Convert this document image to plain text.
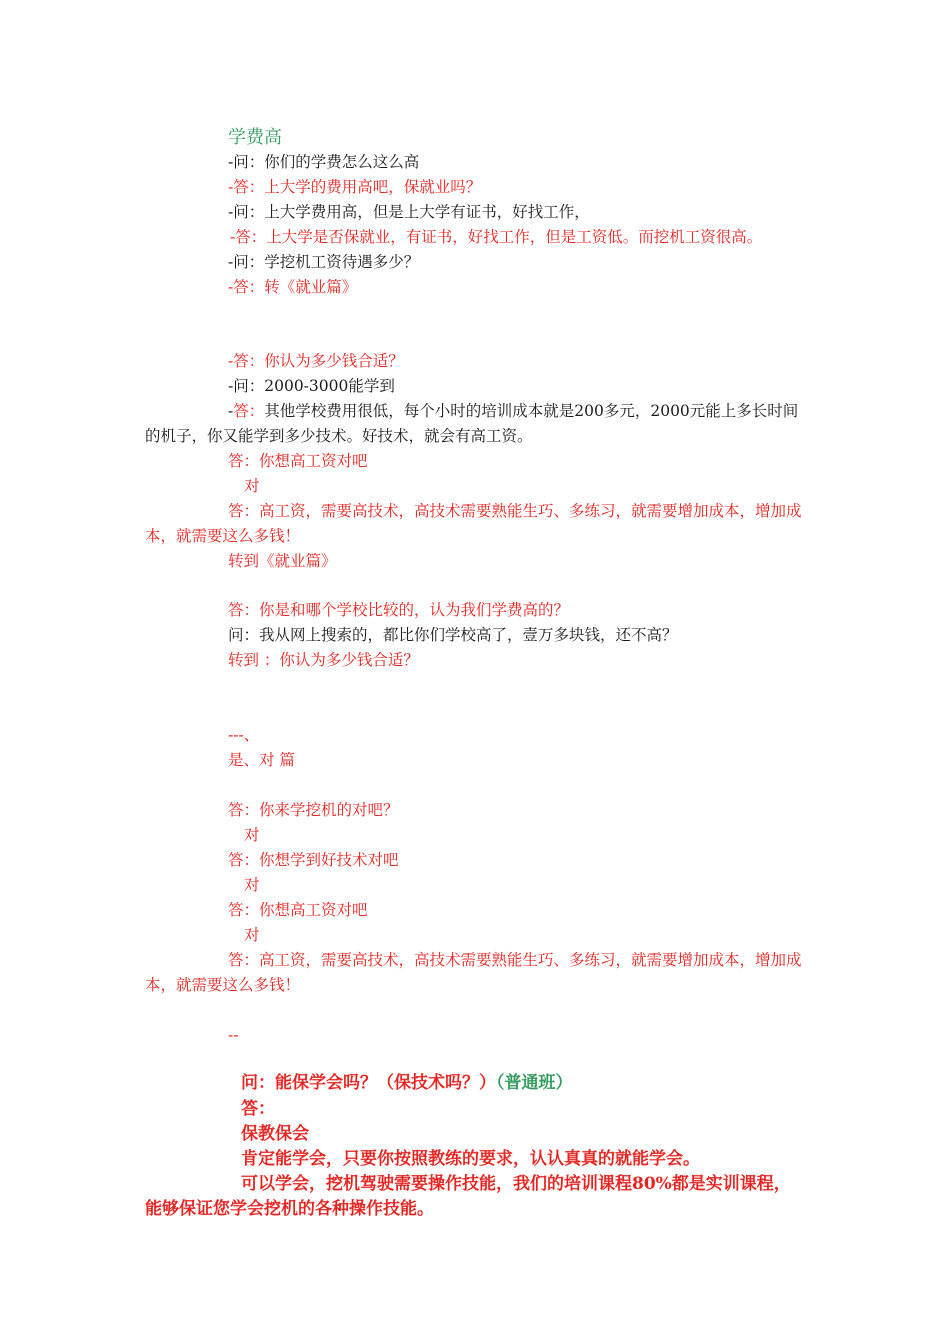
学费高
-问：你们的学费怎么这么高
-答：上大学的费用高吧，保就业吗？
-问：上大学费用高，但是上大学有证书，好找工作，
-答：上大学是否保就业，有证书，好找工作，但是工资低。而挖机工资很高。
-问：学挖机工资待遇多少？
-答：转《就业篇》
-答：你认为多少钱合适？
-问：2000-3000能学到
-答：其他学校费用很低，每个小时的培训成本就是200多元，2000元能上多长时间
的机子，你又能学到多少技术。好技术，就会有高工资。
答：你想高工资对吧
对
答：高工资，需要高技术，高技术需要熟能生巧、多练习，就需要增加成本，增加成
本，就需要这么多钱！
转到《就业篇》
答：你是和哪个学校比较的，认为我们学费高的？
问：我从网上搜索的，都比你们学校高了，壹万多块钱，还不高？
转到 ：你认为多少钱合适？
---、
是、对 篇
答：你来学挖机的对吧？
对
答：你想学到好技术对吧
对
答：你想高工资对吧
对
答：高工资，需要高技术，高技术需要熟能生巧、多练习，就需要增加成本，增加成
本，就需要这么多钱！
--
问：能保学会吗？（保技术吗？）（普通班）
答：
保教保会
肯定能学会，只要你按照教练的要求，认认真真的就能学会。
可以学会，挖机驾驶需要操作技能，我们的培训课程80%都是实训课程，
能够保证您学会挖机的各种操作技能。
